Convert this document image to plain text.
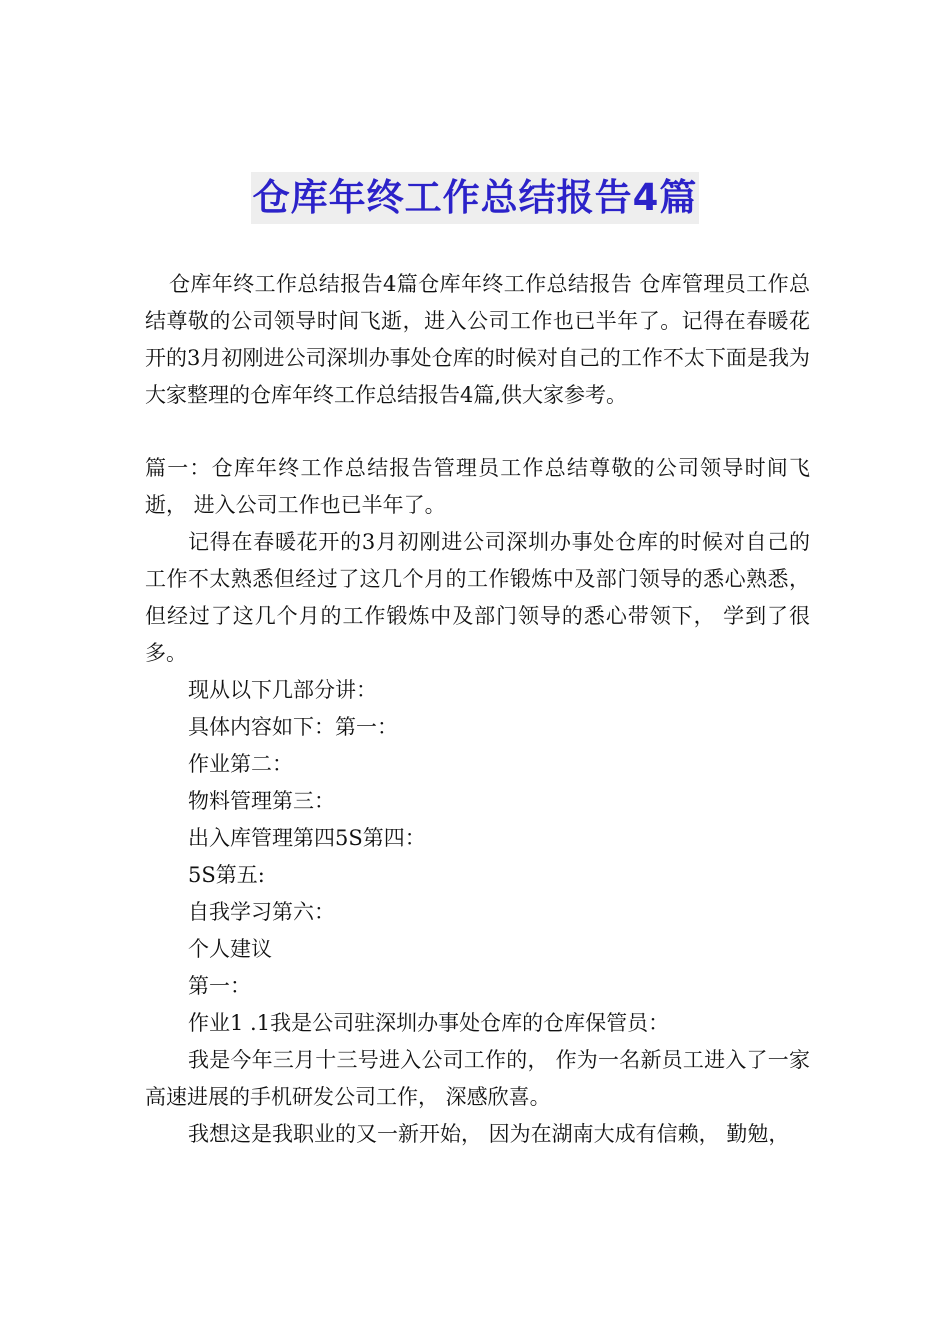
仓库年终工作总结报告4篇

仓库年终工作总结报告4篇仓库年终工作总结报告 仓库管理员工作总结尊敬的公司领导时间飞逝，进入公司工作也已半年了。记得在春暖花开的3月初刚进公司深圳办事处仓库的时候对自己的工作不太下面是我为大家整理的仓库年终工作总结报告4篇,供大家参考。

篇一：仓库年终工作总结报告管理员工作总结尊敬的公司领导时间飞逝， 进入公司工作也已半年了。

记得在春暖花开的3月初刚进公司深圳办事处仓库的时候对自己的工作不太熟悉但经过了这几个月的工作锻炼中及部门领导的悉心熟悉， 但经过了这几个月的工作锻炼中及部门领导的悉心带领下， 学到了很多。

现从以下几部分讲：

具体内容如下：第一：

作业第二：

物料管理第三：

出入库管理第四5S第四：

5S第五:

自我学习第六：

个人建议

第一：

作业1 .1我是公司驻深圳办事处仓库的仓库保管员：

我是今年三月十三号进入公司工作的， 作为一名新员工进入了一家高速进展的手机研发公司工作， 深感欣喜。

我想这是我职业的又一新开始， 因为在湖南大成有信赖， 勤勉，
